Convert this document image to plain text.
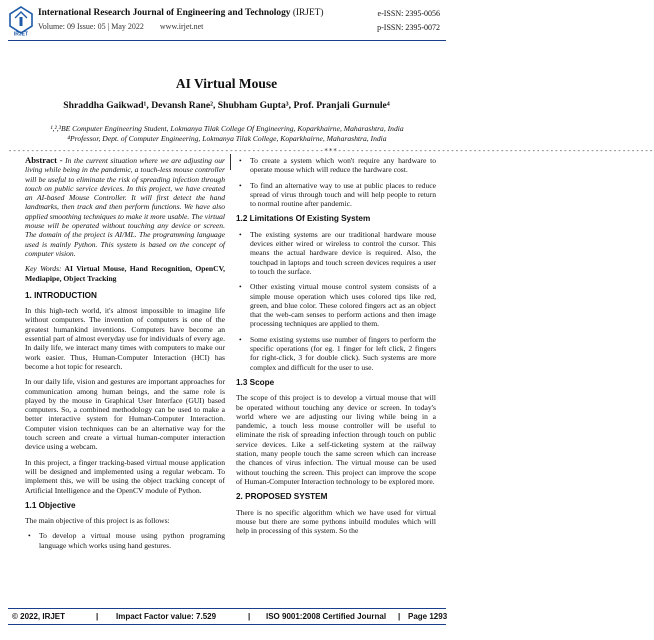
IRJET
International Research Journal of Engineering and Technology (IRJET)
Volume: 09 Issue: 05 | May 2022 www.irjet.net
e-ISSN: 2395-0056
p-ISSN: 2395-0072
AI Virtual Mouse
Shraddha Gaikwad¹, Devansh Rane², Shubham Gupta³, Prof. Pranjali Gurnule⁴
¹,²,³BE Computer Engineering Student, Lokmanya Tilak College Of Engineering, Koparkhairne, Maharashtra, India
⁴Professor, Dept. of Computer Engineering, Lokmanya Tilak College, Koparkhairne, Maharashtra, India
----------------------------------------------------------------------***----------------------------------------------------------------------

Abstract - In the current situation where we are adjusting our living while being in the pandemic, a touch-less mouse controller will be useful to eliminate the risk of spreading infection through touch on public service devices. In this project, we have created an AI-based Mouse Controller. It will first detect the hand landmarks, then track and then perform functions. We have also applied smoothing techniques to make it more usable. The virtual mouse will be operated without touching any device or screen. The domain of the project is AI/ML. The programming language used is mainly Python. This system is based on the concept of computer vision.

Key Words: AI Virtual Mouse, Hand Recognition, OpenCV, Mediapipe, Object Tracking

1. INTRODUCTION

In this high-tech world, it's almost impossible to imagine life without computers. The invention of computers is one of the greatest humankind inventions. Computers have become an essential part of almost everyday use for individuals of every age. In daily life, we interact many times with computers to make our work easier. Thus, Human-Computer Interaction (HCI) has become a hot topic for research.

In our daily life, vision and gestures are important approaches for communication among human beings, and the same role is played by the mouse in Graphical User Interface (GUI) based computers. So, a combined methodology can be used to make a better interactive system for Human-Computer Interaction. Computer vision techniques can be an alternative way for the touch screen and create a virtual human-computer interaction device using a webcam.

In this project, a finger tracking-based virtual mouse application will be designed and implemented using a regular webcam. To implement this, we will be using the object tracking concept of Artificial Intelligence and the OpenCV module of Python.

1.1 Objective

The main objective of this project is as follows:

• To develop a virtual mouse using python programing language which works using hand gestures.
• To create a system which won't require any hardware to operate mouse which will reduce the hardware cost.
• To find an alternative way to use at public places to reduce spread of virus through touch and will help people to return to normal routine after pandemic.
1.2 Limitations Of Existing System
• The existing systems are our traditional hardware mouse devices either wired or wireless to control the cursor. This means the actual hardware device is required. Also, the touchpad in laptops and touch screen devices requires a user to touch the surface.
• Other existing virtual mouse control system consists of a simple mouse operation which uses colored tips like red, green, and blue color. These colored fingers act as an object that the web-cam senses to perform actions and then image processing techniques are applied to them.
• Some existing systems use number of fingers to perform the specific operations (for eg. 1 finger for left click, 2 fingers for right-click, 3 for double click). Such systems are more complex and difficult for the user to use.
1.3 Scope

The scope of this project is to develop a virtual mouse that will be operated without touching any device or screen. In today's world where we are adjusting our living while being in a pandemic, a touch less mouse controller will be useful to eliminate the risk of spreading infection through touch on public service devices. Like a self-ticketing system at the railway station, many people touch the same screen which can increase the chances of virus infection. The virtual mouse can be used without touching the screen. This project can improve the scope of Human-Computer Interaction technology to be explored more.

2. PROPOSED SYSTEM

There is no specific algorithm which we have used for virtual mouse but there are some pythons inbuild modules which will help in processing of this system. So the

© 2022, IRJET	| Impact Factor value: 7.529	| ISO 9001:2008 Certified Journal | Page 1293
